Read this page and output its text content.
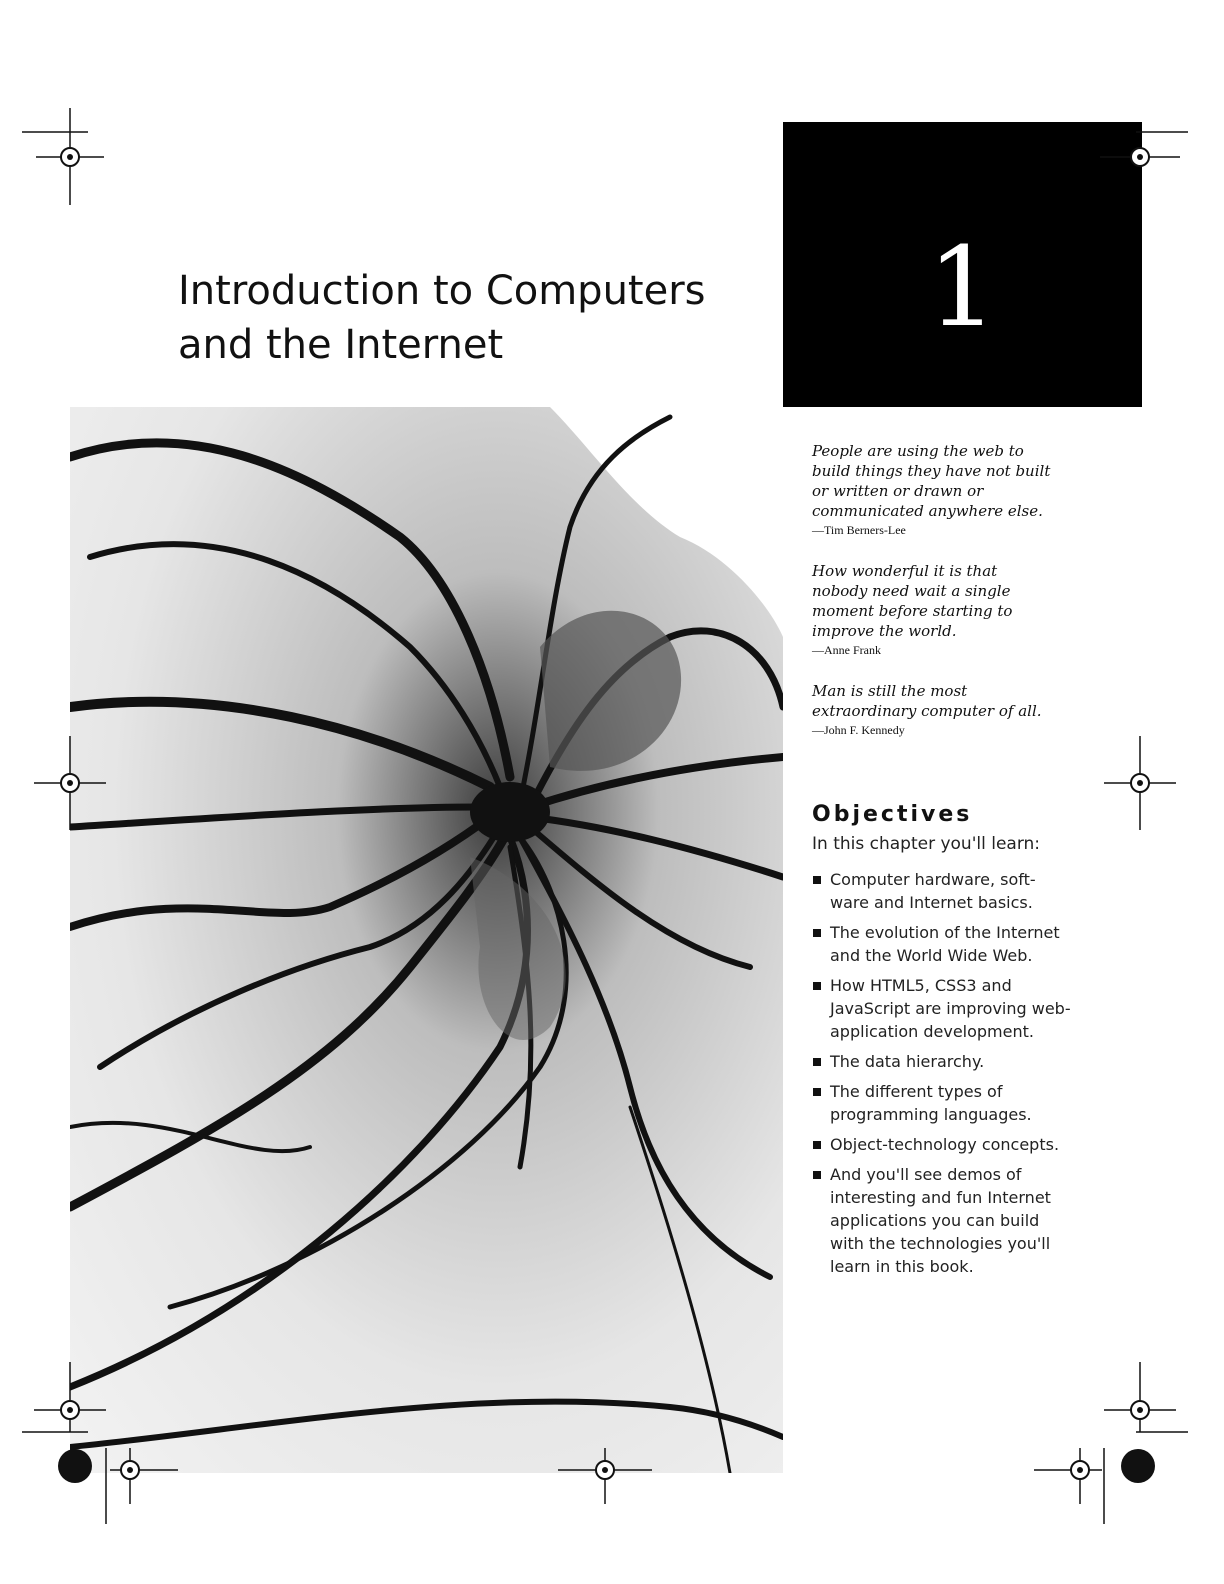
Introduction to Computers
and the Internet	1
People are using the web to
build things they have not built
or written or drawn or
communicated anywhere else.
—Tim Berners-Lee
How wonderful it is that
nobody need wait a single
moment before starting to
improve the world.
—Anne Frank
Man is still the most
extraordinary computer of all.
—John F. Kennedy
Objectives

In this chapter you'll learn:

Computer hardware, soft-
ware and Internet basics.
The evolution of the Internet
and the World Wide Web.
How HTML5, CSS3 and
JavaScript are improving web-
application development.
The data hierarchy.
The different types of
programming languages.
Object-technology concepts.
And you'll see demos of
interesting and fun Internet
applications you can build
with the technologies you'll
learn in this book.
